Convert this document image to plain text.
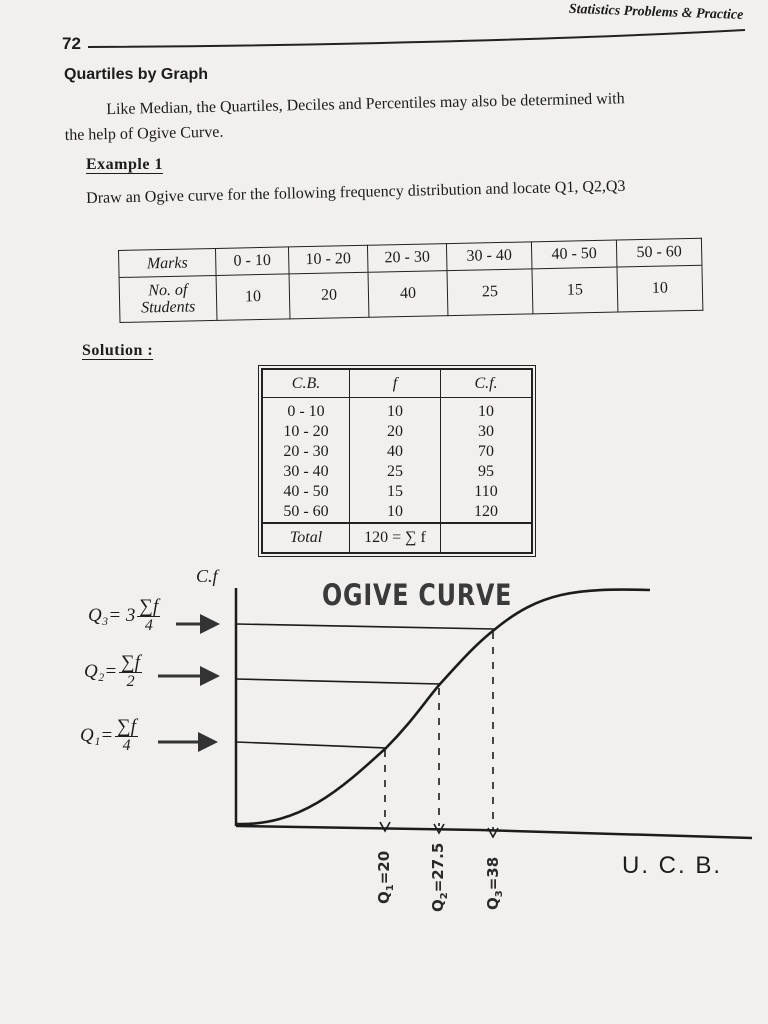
Statistics Problems & Practice
72
Quartiles by Graph
Like Median, the Quartiles, Deciles and Percentiles may also be determined with
the help of Ogive Curve.
Example 1
Draw an Ogive curve for the following frequency distribution and locate Q1, Q2,Q3
Marks	0 - 10	10 - 20	20 - 30	30 - 40	40 - 50	50 - 60
No. of Students	10	20	40	25	15	10
Solution :
C.B.	f	C.f.
0 - 10	10	10
10 - 20	20	30
20 - 30	40	70
30 - 40	25	95
40 - 50	15	110
50 - 60	10	120
Total	120 = ∑ f	
C.f
OGIVE CURVE
U. C. B.
$Q_3= 3 \frac{\sum f}{4}$
$Q_2= \frac{\sum f}{2}$
$Q_1= \frac{\sum f}{4}$
$Q_1=20$
$Q_2=27.5$
$Q_3=38$
